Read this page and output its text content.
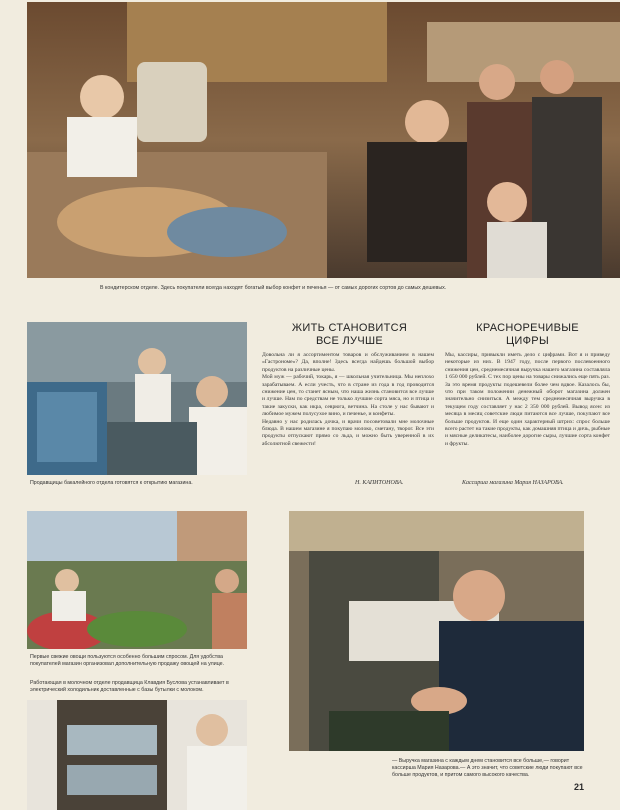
В кондитерском отделе. Здесь покупатели всегда находят богатый выбор конфет и печенья — от самых дорогих сортов до самых дешевых.
Продавщицы бакалейного отдела готовятся к открытию магазина.
ЖИТЬ СТАНОВИТСЯ
ВСЕ ЛУЧШЕ
Довольна ли я ассортиментом товаров и обслуживанием в нашем «Гастрономе»? Да, вполне! Здесь всегда найдешь большой выбор продуктов на различные цены.
Мой муж — рабочий, токарь, я — школьная учительница. Мы неплохо зарабатываем. А если учесть, что в стране из года в год проводится снижение цен, то станет ясным, что наша жизнь становится все лучше и лучше. Нам по средствам не только лучшие сорта мяса, но и птица и такие закуски, как икра, севрюга, ветчина. На столе у нас бывают и любимое мужем полусухое вино, и печенье, и конфеты.
Недавно у нас родилась дочка, и врачи посоветовали мне молочные блюда. В нашем магазине я покупаю молоко, сметану, творог. Все эти продукты отпускают прямо со льда, и можно быть уверенной в их абсолютной свежести!
Н. КАПИТОНОВА.
КРАСНОРЕЧИВЫЕ
ЦИФРЫ
Мы, кассиры, привыкли иметь дело с цифрами. Вот я и приведу некоторые из них. В 1947 году, после первого послевоенного снижения цен, среднемесячная выручка нашего магазина составляла 1 650 000 рублей. С тех пор цены на товары снижались еще пять раз. За это время продукты подешевели более чем вдвое. Казалось бы, что при таком положении денежный оборот магазина должен значительно снизиться. А между тем среднемесячная выручка в текущем году составляет у нас 2 350 000 рублей. Вывод ясен: из месяца в месяц советские люди питаются все лучше, покупают все больше продуктов. И еще один характерный штрих: спрос больше всего растет на такие продукты, как домашняя птица и дичь, рыбные и мясные деликатесы, наиболее дорогие сыры, лучшие сорта конфет и фрукты.
Кассирша магазина Мария НАЗАРОВА.
Первые свежие овощи пользуются особенно большим спросом. Для удобства покупателей магазин организовал дополнительную продажу овощей на улице.
Работающая в молочном отделе продавщица Клавдия Буслова устанавливает в электрический холодильник доставленные с базы бутылки с молоком.
— Выручка магазина с каждым днем становится все больше,— говорит кассирша Мария Назарова.— А это значит, что советские люди покупают все больше продуктов, и притом самого высокого качества.
21
